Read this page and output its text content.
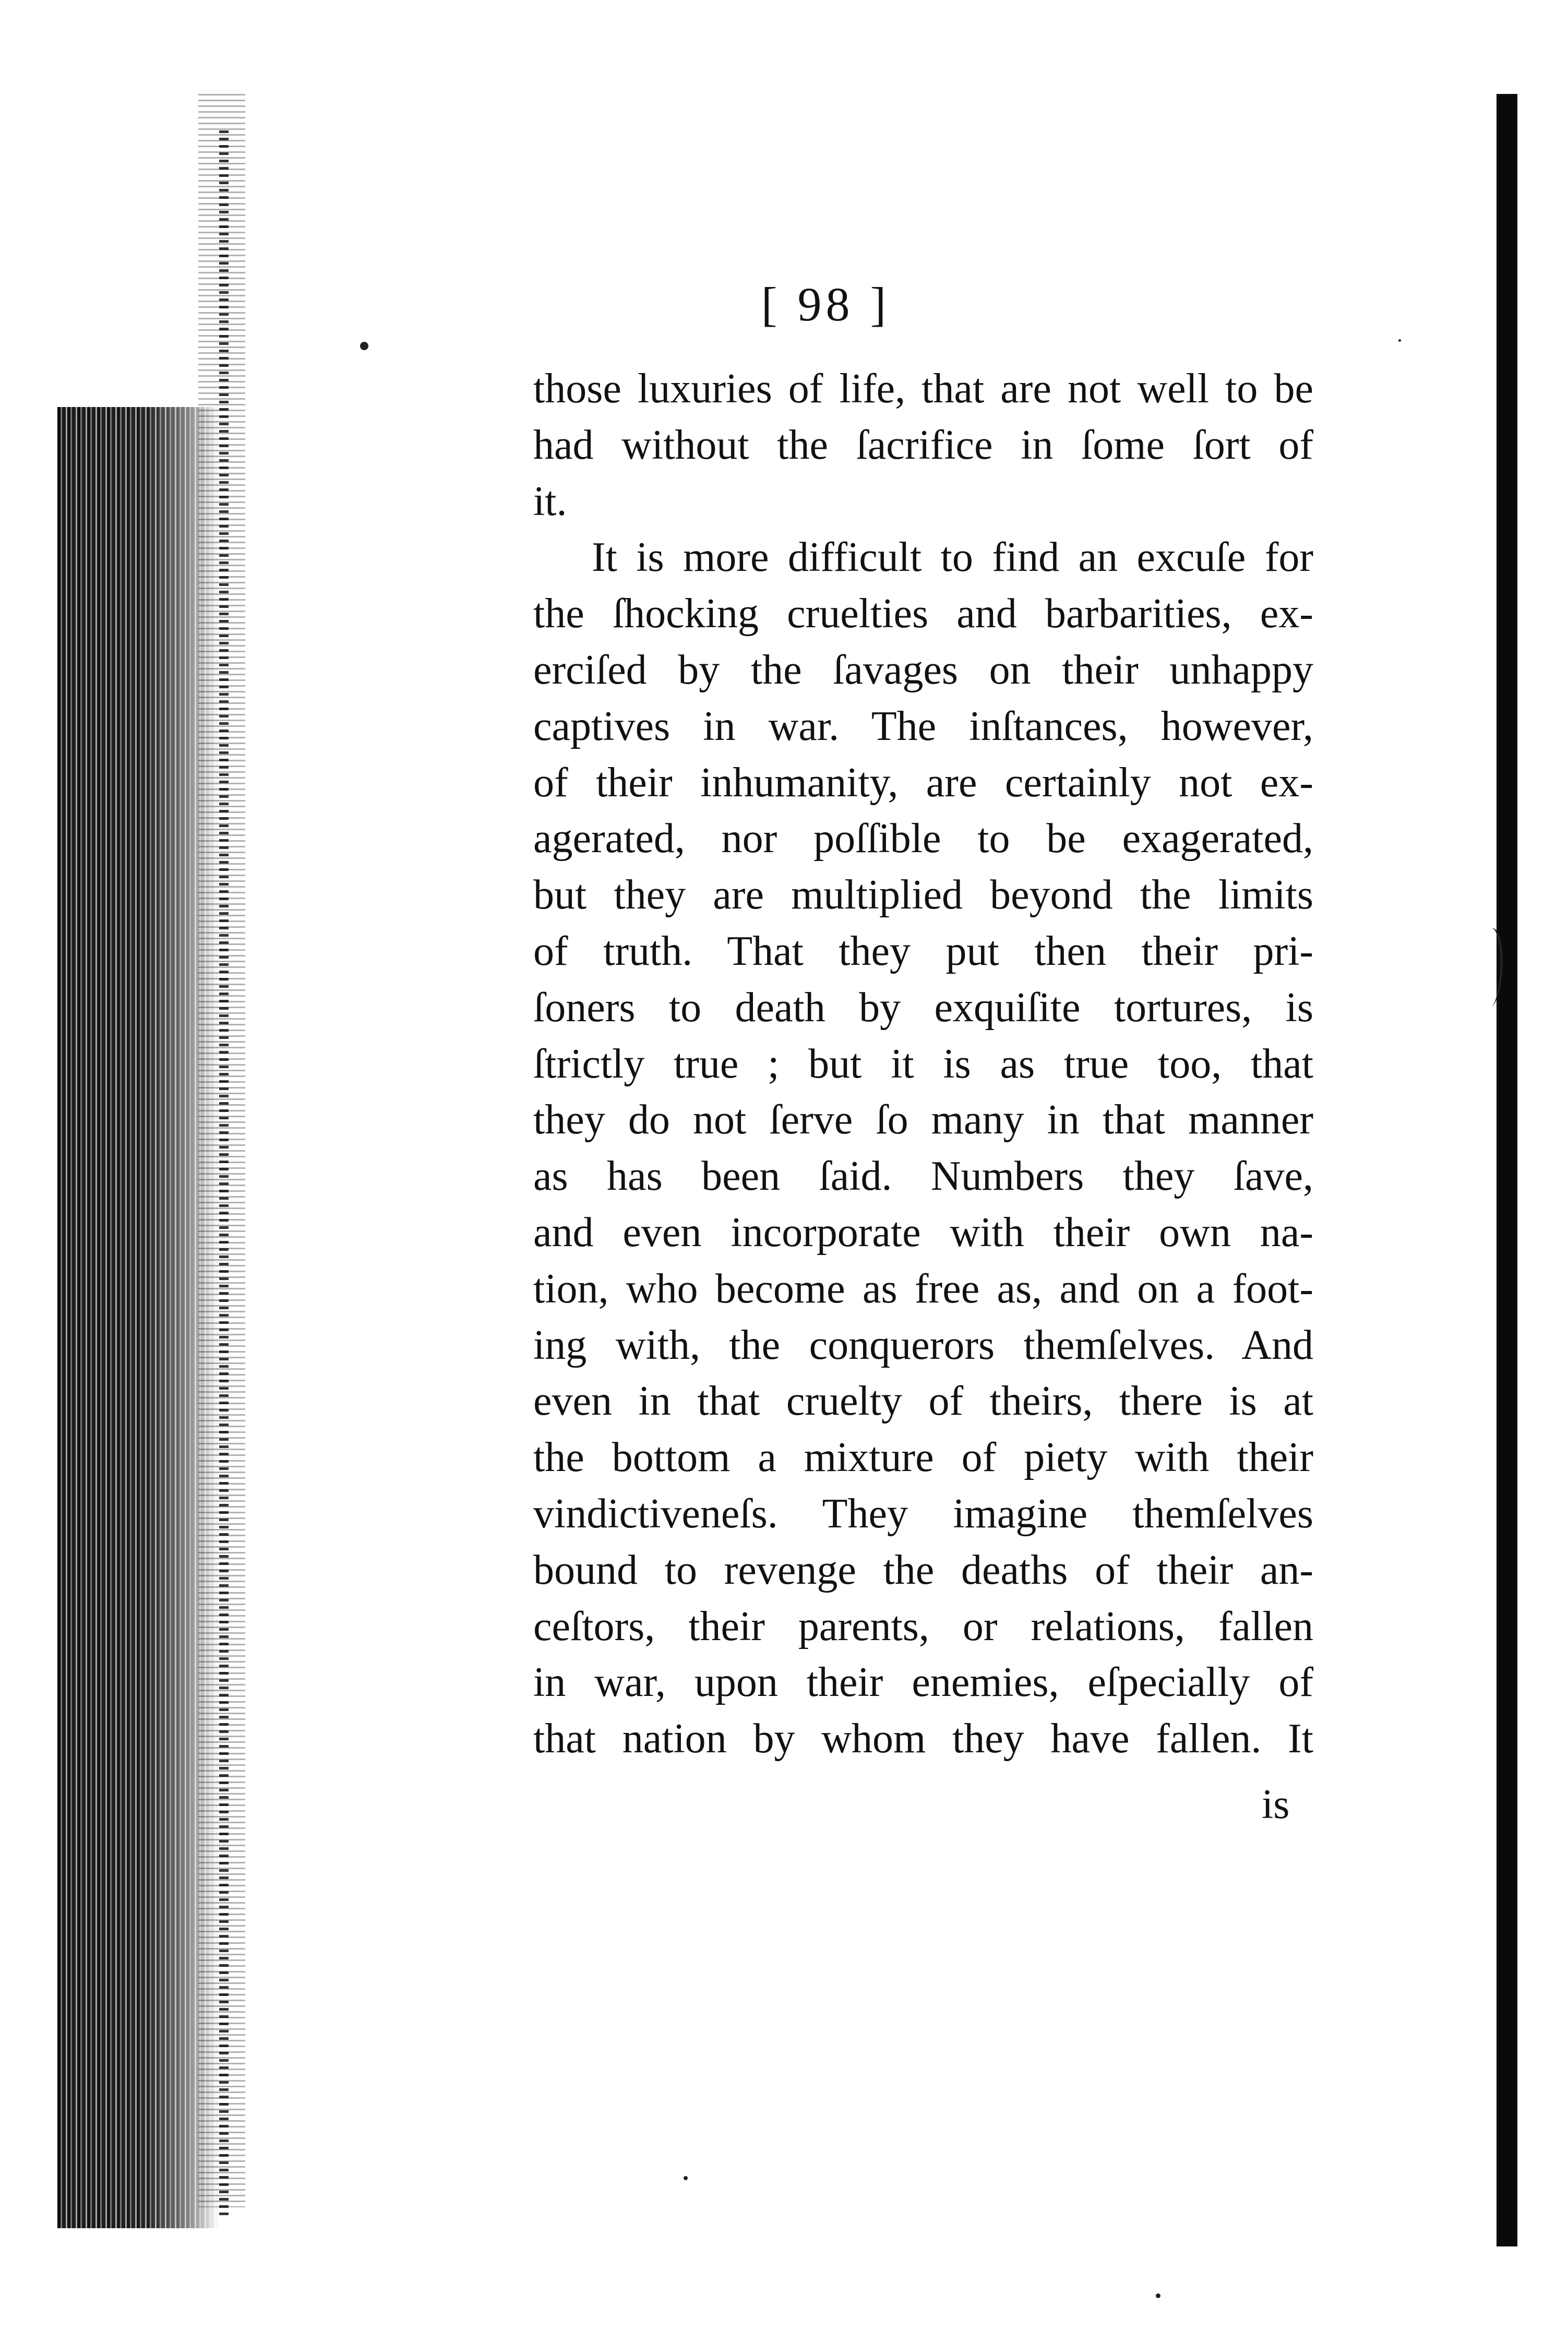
[ 98 ]
those luxuries of life, that are not well to be
had without the ſacrifice in ſome ſort of
it.
It is more difficult to find an excuſe for
the ſhocking cruelties and barbarities, ex-
erciſed by the ſavages on their unhappy
captives in war. The inſtances, however,
of their inhumanity, are certainly not ex-
agerated, nor poſſible to be exagerated,
but they are multiplied beyond the limits
of truth. That they put then their pri-
ſoners to death by exquiſite tortures, is
ſtrictly true ; but it is as true too, that
they do not ſerve ſo many in that manner
as has been ſaid. Numbers they ſave,
and even incorporate with their own na-
tion, who become as free as, and on a foot-
ing with, the conquerors themſelves. And
even in that cruelty of theirs, there is at
the bottom a mixture of piety with their
vindictiveneſs. They imagine themſelves
bound to revenge the deaths of their an-
ceſtors, their parents, or relations, fallen
in war, upon their enemies, eſpecially of
that nation by whom they have fallen. It
is
